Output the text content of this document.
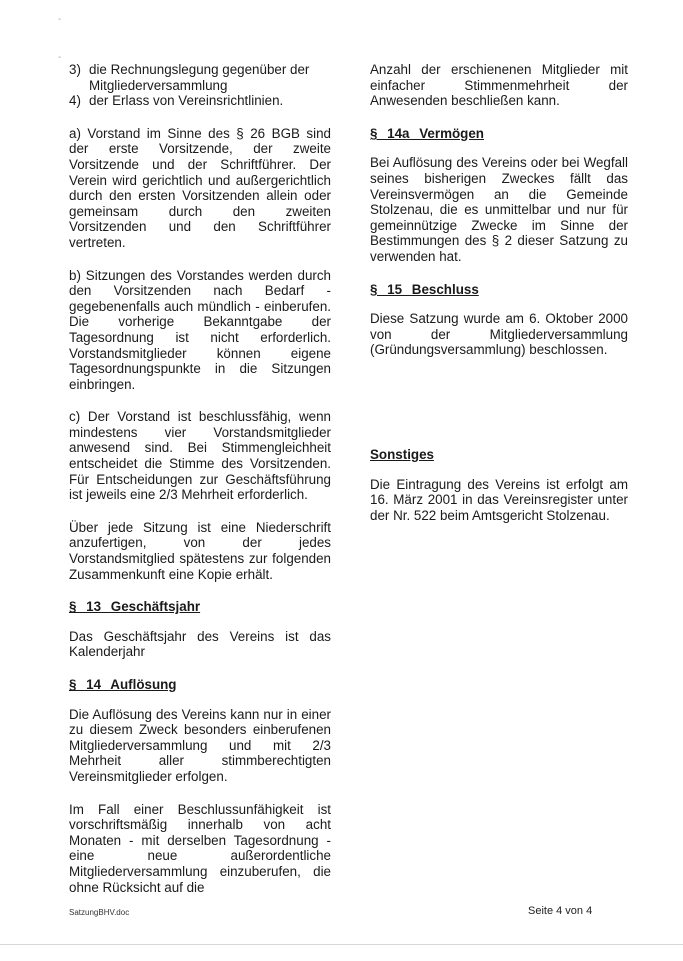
-
-
3) die Rechnungslegung gegenüber der Mitgliederversammlung
4) der Erlass von Vereinsrichtlinien.

a) Vorstand im Sinne des § 26 BGB sind der erste Vorsitzende, der zweite Vorsitzende und der Schriftführer. Der Verein wird gerichtlich und außergerichtlich durch den ersten Vorsitzenden allein oder gemeinsam durch den zweiten Vorsitzenden und den Schriftführer vertreten.

b) Sitzungen des Vorstandes werden durch den Vorsitzenden nach Bedarf - gegebenenfalls auch mündlich - einberufen. Die vorherige Bekanntgabe der Tagesordnung ist nicht erforderlich. Vorstandsmitglieder können eigene Tagesordnungspunkte in die Sitzungen einbringen.

c) Der Vorstand ist beschlussfähig, wenn mindestens vier Vorstandsmitglieder anwesend sind. Bei Stimmengleichheit entscheidet die Stimme des Vorsitzenden. Für Entscheidungen zur Geschäftsführung ist jeweils eine 2/3 Mehrheit erforderlich.

Über jede Sitzung ist eine Niederschrift anzufertigen, von der jedes Vorstandsmitglied spätestens zur folgenden Zusammenkunft eine Kopie erhält.

§ 13 Geschäftsjahr

Das Geschäftsjahr des Vereins ist das Kalenderjahr

§ 14 Auflösung

Die Auflösung des Vereins kann nur in einer zu diesem Zweck besonders einberufenen Mitgliederversammlung und mit 2/3 Mehrheit aller stimmberechtigten Vereinsmitglieder erfolgen.

Im Fall einer Beschlussunfähigkeit ist vorschriftsmäßig innerhalb von acht Monaten - mit derselben Tagesordnung - eine neue außerordentliche Mitgliederversammlung einzuberufen, die ohne Rücksicht auf die

Anzahl der erschienenen Mitglieder mit einfacher Stimmenmehrheit der Anwesenden beschließen kann.

§ 14a Vermögen

Bei Auflösung des Vereins oder bei Wegfall seines bisherigen Zweckes fällt das Vereinsvermögen an die Gemeinde Stolzenau, die es unmittelbar und nur für gemeinnützige Zwecke im Sinne der Bestimmungen des § 2 dieser Satzung zu verwenden hat.

§ 15 Beschluss

Diese Satzung wurde am 6. Oktober 2000 von der Mitgliederversammlung (Gründungsversammlung) beschlossen.

Sonstiges

Die Eintragung des Vereins ist erfolgt am 16. März 2001 in das Vereinsregister unter der Nr. 522 beim Amtsgericht Stolzenau.

SatzungBHV.doc	Seite 4 von 4
